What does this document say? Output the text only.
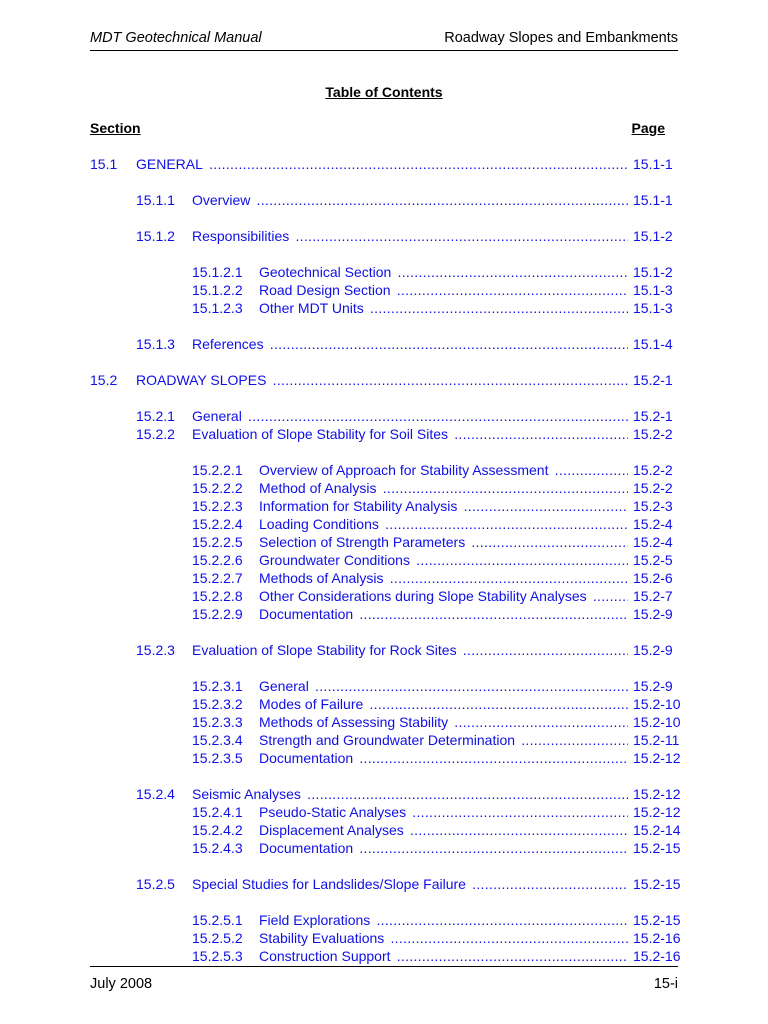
MDT Geotechnical Manual	Roadway Slopes and Embankments
Table of Contents
Section	Page
15.1 GENERAL .....	15.1-1
15.1.1 Overview .....	15.1-1
15.1.2 Responsibilities .....	15.1-2
15.1.2.1 Geotechnical Section .....	15.1-2
15.1.2.2 Road Design Section .....	15.1-3
15.1.2.3 Other MDT Units .....	15.1-3
15.1.3 References .....	15.1-4
15.2 ROADWAY SLOPES .....	15.2-1
15.2.1 General .....	15.2-1
15.2.2 Evaluation of Slope Stability for Soil Sites .....	15.2-2
15.2.2.1 Overview of Approach for Stability Assessment .....	15.2-2
15.2.2.2 Method of Analysis .....	15.2-2
15.2.2.3 Information for Stability Analysis .....	15.2-3
15.2.2.4 Loading Conditions .....	15.2-4
15.2.2.5 Selection of Strength Parameters .....	15.2-4
15.2.2.6 Groundwater Conditions .....	15.2-5
15.2.2.7 Methods of Analysis .....	15.2-6
15.2.2.8 Other Considerations during Slope Stability Analyses .....	15.2-7
15.2.2.9 Documentation .....	15.2-9
15.2.3 Evaluation of Slope Stability for Rock Sites .....	15.2-9
15.2.3.1 General .....	15.2-9
15.2.3.2 Modes of Failure .....	15.2-10
15.2.3.3 Methods of Assessing Stability .....	15.2-10
15.2.3.4 Strength and Groundwater Determination .....	15.2-11
15.2.3.5 Documentation .....	15.2-12
15.2.4 Seismic Analyses .....	15.2-12
15.2.4.1 Pseudo-Static Analyses .....	15.2-12
15.2.4.2 Displacement Analyses .....	15.2-14
15.2.4.3 Documentation .....	15.2-15
15.2.5 Special Studies for Landslides/Slope Failure .....	15.2-15
15.2.5.1 Field Explorations .....	15.2-15
15.2.5.2 Stability Evaluations .....	15.2-16
15.2.5.3 Construction Support .....	15.2-16
July 2008	15-i
